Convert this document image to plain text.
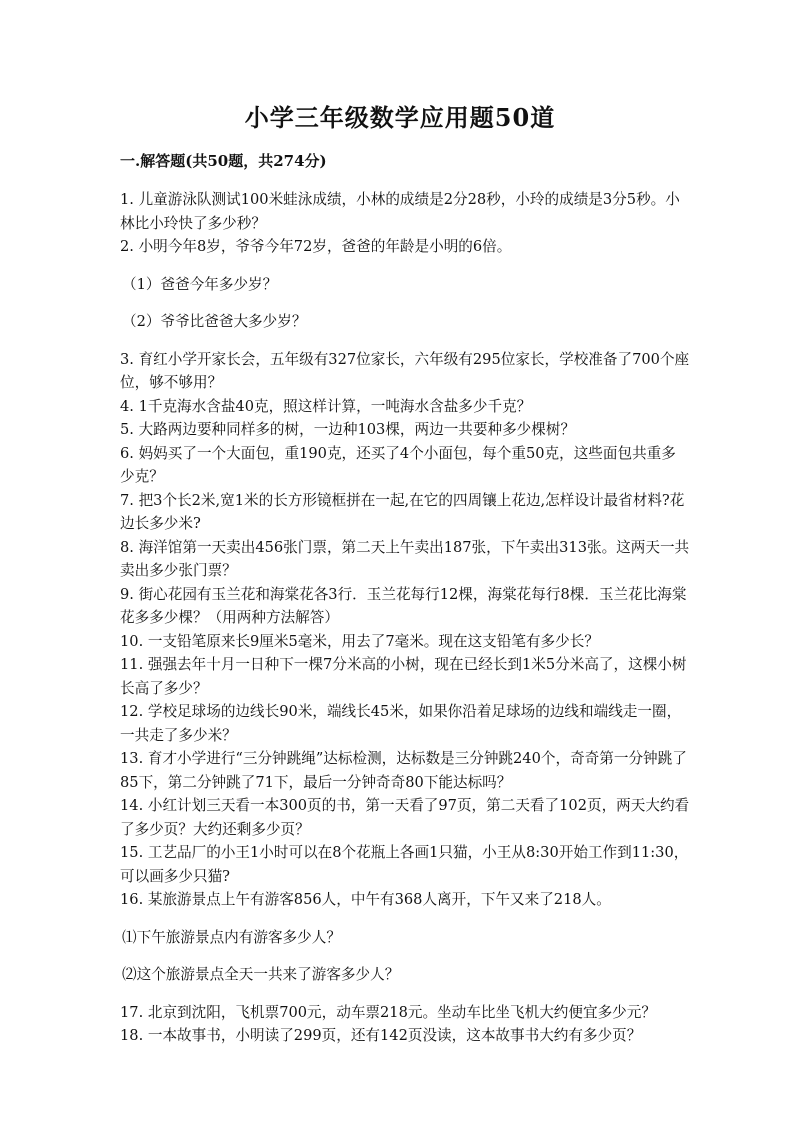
小学三年级数学应用题50道
一.解答题(共50题，共274分)

1. 儿童游泳队测试100米蛙泳成绩，小林的成绩是2分28秒，小玲的成绩是3分5秒。小林比小玲快了多少秒？

2. 小明今年8岁，爷爷今年72岁，爸爸的年龄是小明的6倍。

（1）爸爸今年多少岁？

（2）爷爷比爸爸大多少岁？

3. 育红小学开家长会，五年级有327位家长，六年级有295位家长，学校准备了700个座位，够不够用？

4. 1千克海水含盐40克，照这样计算，一吨海水含盐多少千克？

5. 大路两边要种同样多的树，一边种103棵，两边一共要种多少棵树？

6. 妈妈买了一个大面包，重190克，还买了4个小面包，每个重50克，这些面包共重多少克？

7. 把3个长2米,宽1米的长方形镜框拼在一起,在它的四周镶上花边,怎样设计最省材料?花边长多少米?

8. 海洋馆第一天卖出456张门票，第二天上午卖出187张，下午卖出313张。这两天一共卖出多少张门票？

9. 街心花园有玉兰花和海棠花各3行．玉兰花每行12棵，海棠花每行8棵．玉兰花比海棠花多多少棵？（用两种方法解答）

10. 一支铅笔原来长9厘米5毫米，用去了7毫米。现在这支铅笔有多少长？

11. 强强去年十月一日种下一棵7分米高的小树，现在已经长到1米5分米高了，这棵小树长高了多少？

12. 学校足球场的边线长90米，端线长45米，如果你沿着足球场的边线和端线走一圈，一共走了多少米？

13. 育才小学进行“三分钟跳绳”达标检测，达标数是三分钟跳240个，奇奇第一分钟跳了85下，第二分钟跳了71下，最后一分钟奇奇80下能达标吗？

14. 小红计划三天看一本300页的书，第一天看了97页，第二天看了102页，两天大约看了多少页？大约还剩多少页？

15. 工艺品厂的小王1小时可以在8个花瓶上各画1只猫，小王从8:30开始工作到11:30，可以画多少只猫?

16. 某旅游景点上午有游客856人，中午有368人离开，下午又来了218人。

⑴下午旅游景点内有游客多少人？

⑵这个旅游景点全天一共来了游客多少人？

17. 北京到沈阳，飞机票700元，动车票218元。坐动车比坐飞机大约便宜多少元？

18. 一本故事书，小明读了299页，还有142页没读，这本故事书大约有多少页？
